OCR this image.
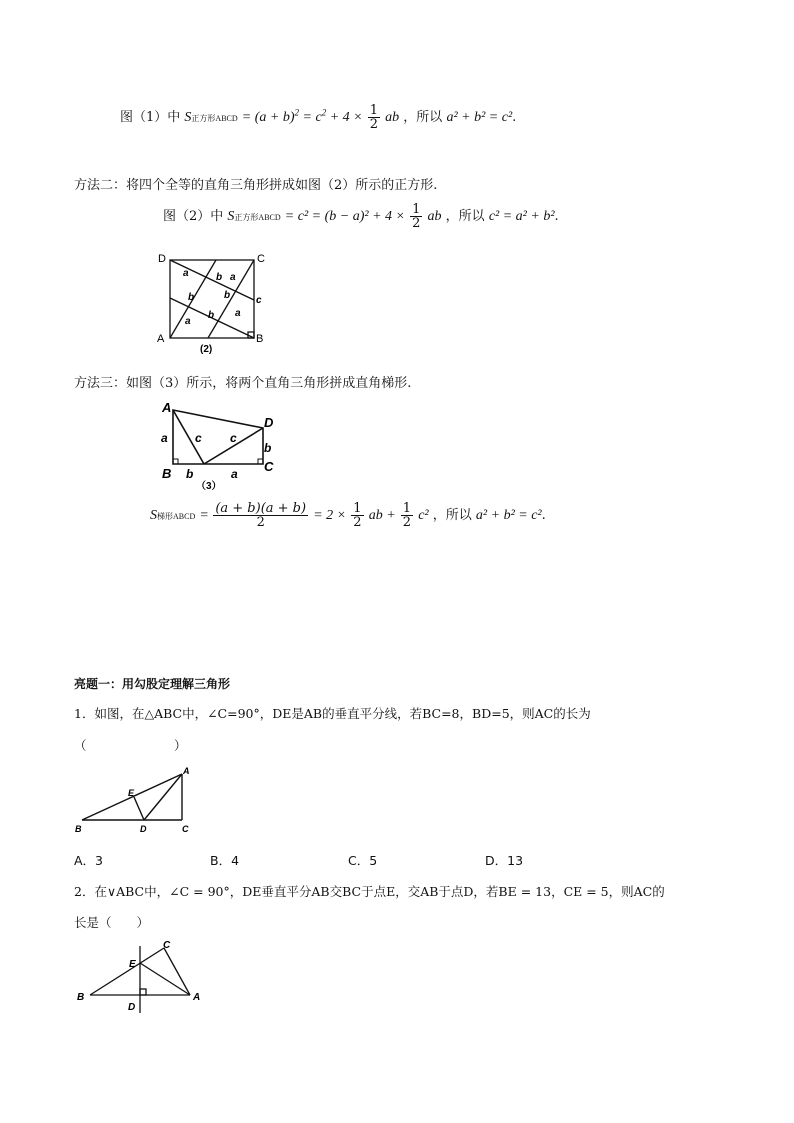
图（1）中 S正方形ABCD = $(a + b)^2 = c^2 + 4 \times \frac{1}{2}$ ab ，所以 a² + b² = c².
方法二：将四个全等的直角三角形拼成如图（2）所示的正方形.
图（2）中 S正方形ABCD = $c^2 = (b - a)^2 + 4 \times \frac{1}{2}$ ab ，所以 c² = a² + b².
D	C
A	B
a	a
a
a
b
b
b
b
c
(2)
方法三：如图（3）所示，将两个直角三角形拼成直角梯形.
A
D
B	C
a c c
b
b	a
（3）
S梯形ABCD = $\frac{(a + b)(a + b)}{2} = 2 \times \frac{1}{2}$ ab + $\frac{1}{2} c^2$ ，所以 a² + b² = c².
亮题一：用勾股定理解三角形
1．如图，在△ABC中，∠C=90°，DE是AB的垂直平分线，若BC=8，BD=5，则AC的长为
（　　　　　　　）
A
E
B	D	C
A．3	B．4	C．5	D．13
2．在∨ABC中，∠C = 90°，DE垂直平分AB交BC于点E，交AB于点D，若BE = 13，CE = 5，则AC的
长是（　　）
C
E
B	A
D
